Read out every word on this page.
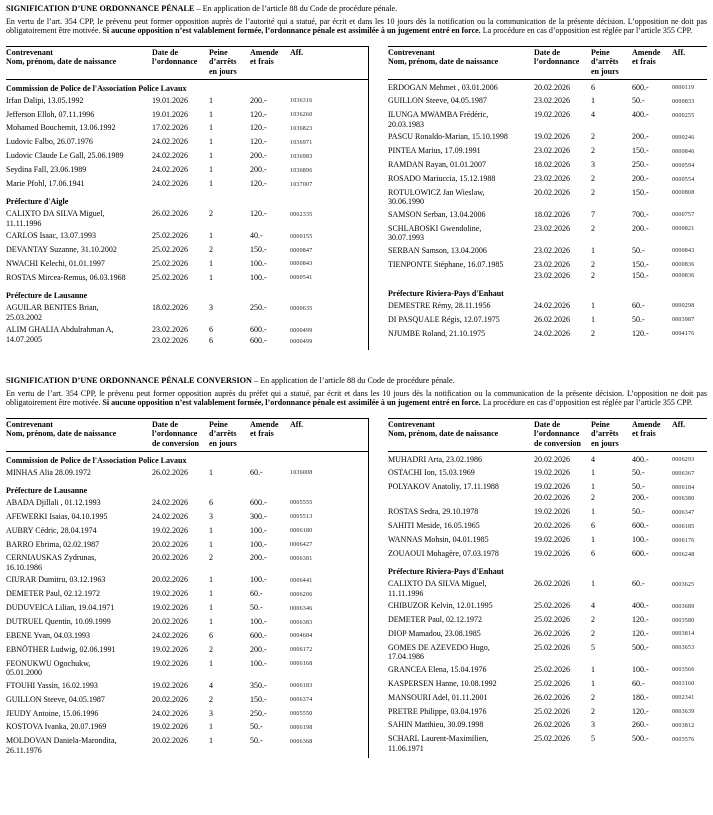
SIGNIFICATION D’UNE ORDONNANCE PÉNALE – En application de l’article 88 du Code de procédure pénale.

En vertu de l’art. 354 CPP, le prévenu peut former opposition auprès de l’autorité qui a statué, par écrit et dans les 10 jours dès la notification ou la communication de la présente décision. L’opposition ne doit pas obligatoirement être motivée. Si aucune opposition n’est valablement formée, l’ordonnance pénale est assimilée à un jugement entré en force. La procédure en cas d’opposition est réglée par l’article 355 CPP.

Contrevenant
Nom, prénom, date de naissance
Date de
l’ordonnance
Peine
d’arrêts
en jours
Amende
et frais
Aff.
Commission de Police de l'Association Police Lavaux
Irfan Dalipi, 13.05.1992	19.01.2026	1	200.-	1036316
Jefferson Elloh, 07.11.1996	19.01.2026	1	120.-	1036260
Mohamed Bouchemit, 13.06.1992	17.02.2026	1	120.-	1036823
Ludovic Falbo, 26.07.1976	24.02.2026	1	120.-	1036971
Ludovic Claude Le Gall, 25.06.1989	24.02.2026	1	200.-	1036983
Seydina Fall, 23.06.1989	24.02.2026	1	200.-	1036896
Marie Pfohl, 17.06.1941	24.02.2026	1	120.-	1037007
Préfecture d'Aigle
CALIXTO DA SILVA Miguel,
11.11.1996
26.02.2026	2	120.-	0002335
CARLOS Isaac, 13.07.1993	25.02.2026	1	40.-	0000155
DEVANTAY Suzanne, 31.10.2002	25.02.2026	2	150.-	0000847
NWACHI Kelechi, 01.01.1997	25.02.2026	1	100.-	0000843
ROSTAS Mircea-Remus, 06.03.1968	25.02.2026	1	100.-	0000541
Préfecture de Lausanne
AGUILAR BENITES Brian,
25.03.2002
18.02.2026	3	250.-	0000635
ALIM GHALIA Abdulrahman A,
14.07.2005
23.02.2026	6	600.-	0000499
23.02.2026	6	600.-	0000499
Contrevenant
Nom, prénom, date de naissance
Date de
l’ordonnance
Peine
d’arrêts
en jours
Amende
et frais
Aff.
ERDOGAN Mehmet , 03.01.2006	20.02.2026	6	600.-	0000119
GUILLON Steeve, 04.05.1987	23.02.2026	1	50.-	0000833
ILUNGA MWAMBA Frédéric,
20.03.1983
19.02.2026	4	400.-	0000255
PASCU Ronaldo-Marian, 15.10.1998	19.02.2026	2	200.-	0000246
PINTEA Marius, 17.09.1991	23.02.2026	2	150.-	0000846
RAMDAN Rayan, 01.01.2007	18.02.2026	3	250.-	0000594
ROSADO Mariuccia, 15.12.1988	23.02.2026	2	200.-	0000554
ROTULOWICZ Jan Wieslaw,
30.06.1990
20.02.2026	2	150.-	0000808
SAMSON Serban, 13.04.2006	18.02.2026	7	700.-	0000757
SCHLABOSKI Gwendoline,
30.07.1993
23.02.2026	2	200.-	0000821
SERBAN Samson, 13.04.2006	23.02.2026	1	50.-	0000843
TIENPONTE Stéphane, 16.07.1985	23.02.2026	2	150.-	0000836
23.02.2026	2	150.-	0000836
Préfecture Riviera-Pays d'Enhaut
DEMESTRE Rémy, 28.11.1956	24.02.2026	1	60.-	0000298
DI PASQUALE Régis, 12.07.1975	26.02.2026	1	50.-	0003987
NJUMBE Roland, 21.10.1975	24.02.2026	2	120.-	0004176

SIGNIFICATION D’UNE ORDONNANCE PÉNALE CONVERSION – En application de l’article 88 du Code de procédure pénale.

En vertu de l’art. 354 CPP, le prévenu peut former opposition auprès du préfet qui a statué, par écrit et dans les 10 jours dès la notification ou la communication de la présente décision. L’opposition ne doit pas obligatoirement être motivée. Si aucune opposition n’est valablement formée, l’ordonnance pénale est assimilée à un jugement entré en force. La procédure en cas d’opposition est réglée par l’article 355 CPP.

Contrevenant
Nom, prénom, date de naissance
Date de
l’ordonnance
de conversion
Peine
d’arrêts
en jours
Amende
et frais
Aff.
Commission de Police de l'Association Police Lavaux
MINHAS Alia 28.09.1972	26.02.2026	1	60.-	1036008
Préfecture de Lausanne
ABADA Djillali , 01.12.1993	24.02.2026	6	600.-	0005555
AFEWERKI Isaias, 04.10.1995	24.02.2026	3	300.-	0005513
AUBRY Cédric, 28.04.1974	19.02.2026	1	100.-	0006180
BARRO Ebrima, 02.02.1987	20.02.2026	1	100.-	0006427
CERNIAUSKAS Zydrunas,
16.10.1986
20.02.2026	2	200.-	0006381
CIURAR Dumitru, 03.12.1963	20.02.2026	1	100.-	0006441
DEMETER Paul, 02.12.1972	19.02.2026	1	60.-	0006206
DUDUVEICA Lilian, 19.04.1971	19.02.2026	1	50.-	0006346
DUTRUEL Quentin, 10.09.1999	20.02.2026	1	100.-	0006383
EBENE Yvan, 04.03.1993	24.02.2026	6	600.-	0004684
EBNÖTHER Ludwig, 02.06.1991	19.02.2026	2	200.-	0006172
FEONUKWU Ogochukw,
05.01.2000
19.02.2026	1	100.-	0006168
FTOUHI Yassin, 16.02.1993	19.02.2026	4	350.-	0006183
GUILLON Steeve, 04.05.1987	20.02.2026	2	150.-	0006374
JEUDY Antoine, 15.06.1996	24.02.2026	3	250.-	0005550
KOSTOVA Ivanka, 20.07.1969	19.02.2026	1	50.-	0006198
MOLDOVAN Daniela-Marondita,
26.11.1976
20.02.2026	1	50.-	0006368
Contrevenant
Nom, prénom, date de naissance
Date de
l’ordonnance
de conversion
Peine
d’arrêts
en jours
Amende
et frais
Aff.
MUHADRI Arta, 23.02.1986	20.02.2026	4	400.-	0006293
OSTACHI Ion, 15.03.1969	19.02.2026	1	50.-	0006367
POLYAKOV Anatoliy, 17.11.1988	19.02.2026	1	50.-	0006184
20.02.2026	2	200.-	0006380
ROSTAS Sedra, 29.10.1978	19.02.2026	1	50.-	0006347
SAHITI Meside, 16.05.1965	20.02.2026	6	600.-	0006185
WANNAS Mohsin, 04.01.1985	19.02.2026	1	100.-	0006176
ZOUAOUI Mohagère, 07.03.1978	19.02.2026	6	600.-	0006248
Préfecture Riviera-Pays d'Enhaut
CALIXTO DA SILVA Miguel,
11.11.1996
26.02.2026	1	60.-	0003625
CHIBUZOR Kelvin, 12.01.1995	25.02.2026	4	400.-	0003689
DEMETER Paul, 02.12.1972	25.02.2026	2	120.-	0003580
DIOP Mamadou, 23.08.1985	26.02.2026	2	120.-	0003814
GOMES DE AZEVEDO Hugo,
17.04.1986
25.02.2026	5	500.-	0003653
GRANCEA Elena, 15.04.1976	25.02.2026	1	100.-	0003566
KASPERSEN Hanne, 10.08.1992	25.02.2026	1	60.-	0003160
MANSOURI Adel, 01.11.2001	26.02.2026	2	180.-	0002341
PRETRE Philippe, 03.04.1976	25.02.2026	2	120.-	0003639
SAHIN Matthieu, 30.09.1998	26.02.2026	3	260.-	0003812
SCHARL Laurent-Maximilien,
11.06.1971
25.02.2026	5	500.-	0003576
